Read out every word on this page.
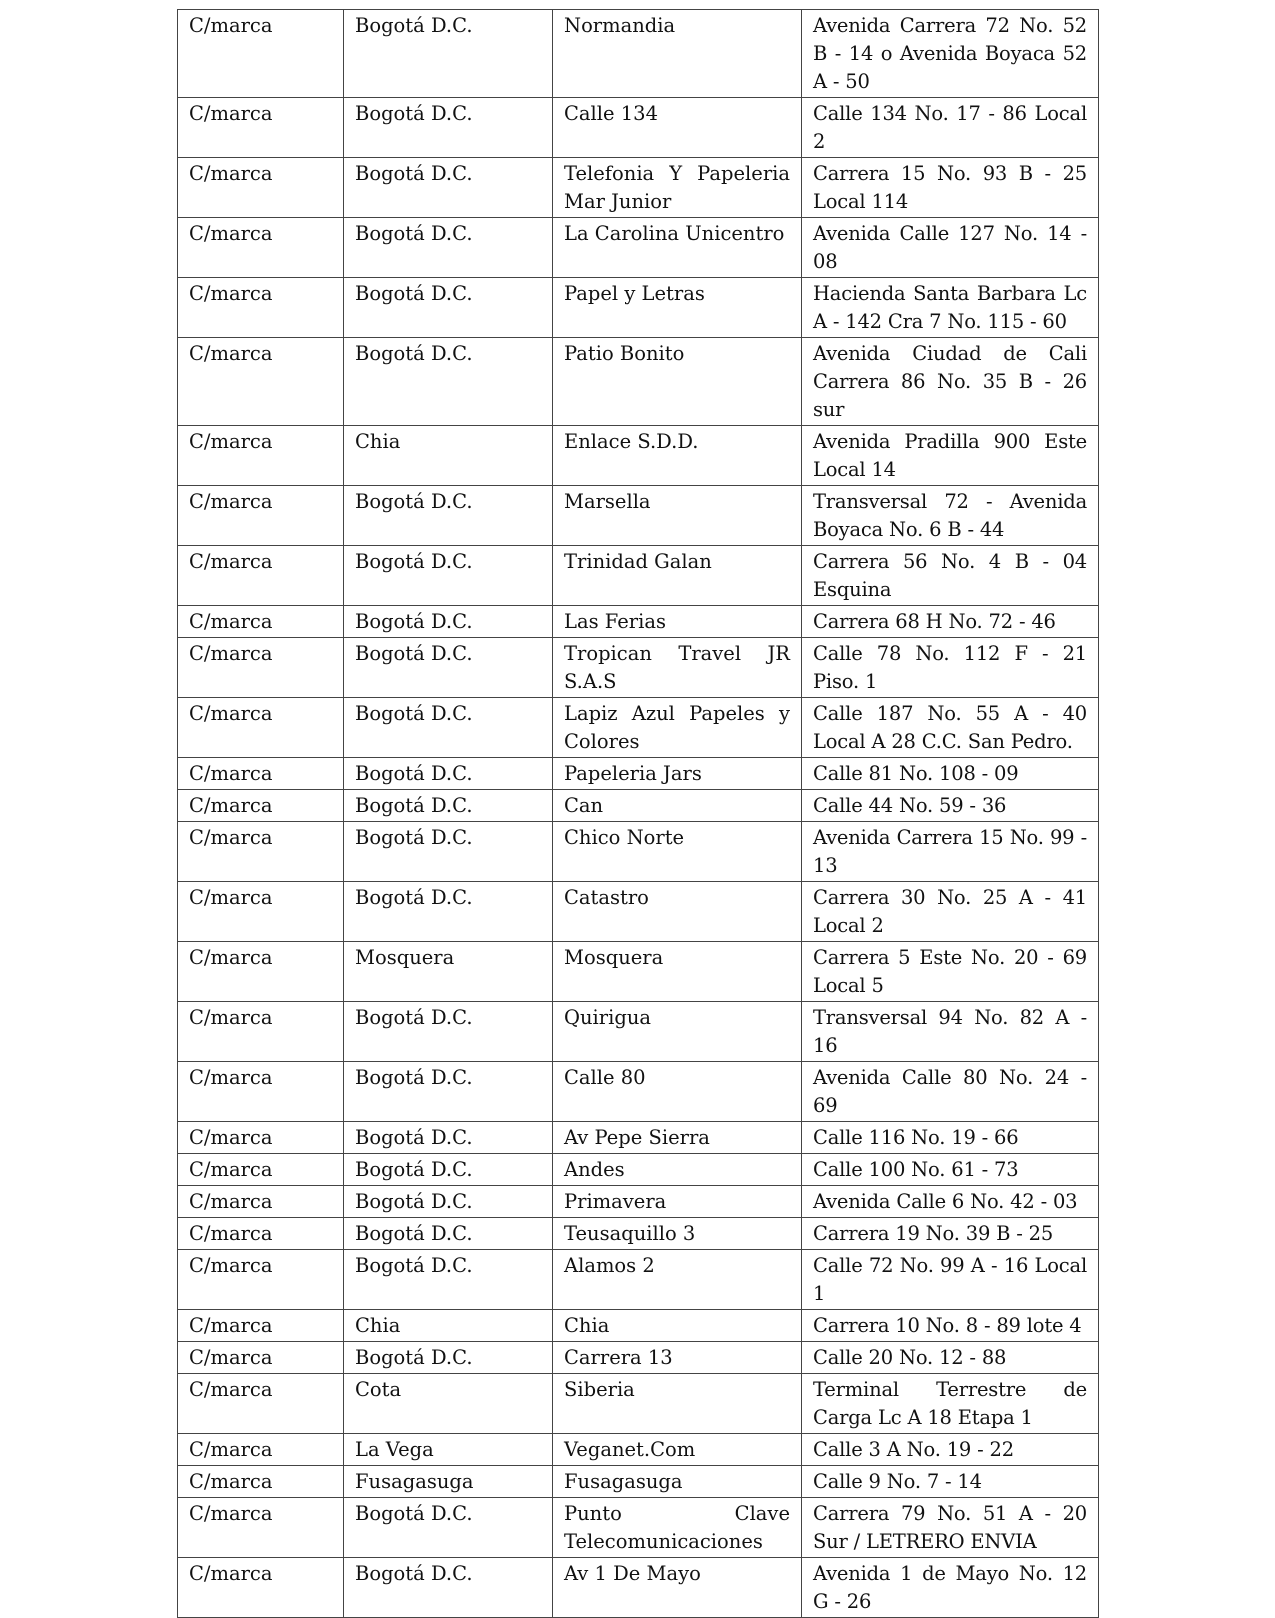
C/marca	Bogotá D.C.	Normandia	Avenida Carrera 72 No. 52 B - 14 o Avenida Boyaca 52 A - 50
C/marca	Bogotá D.C.	Calle 134	Calle 134 No. 17 - 86 Local 2
C/marca	Bogotá D.C.	Telefonia Y Papeleria Mar Junior	Carrera 15 No. 93 B - 25 Local 114
C/marca	Bogotá D.C.	La Carolina Unicentro	Avenida Calle 127 No. 14 - 08
C/marca	Bogotá D.C.	Papel y Letras	Hacienda Santa Barbara Lc A - 142 Cra 7 No. 115 - 60
C/marca	Bogotá D.C.	Patio Bonito	Avenida Ciudad de Cali Carrera 86 No. 35 B - 26 sur
C/marca	Chia	Enlace S.D.D.	Avenida Pradilla 900 Este Local 14
C/marca	Bogotá D.C.	Marsella	Transversal 72 - Avenida Boyaca No. 6 B - 44
C/marca	Bogotá D.C.	Trinidad Galan	Carrera 56 No. 4 B - 04 Esquina
C/marca	Bogotá D.C.	Las Ferias	Carrera 68 H No. 72 - 46
C/marca	Bogotá D.C.	Tropican Travel JR S.A.S	Calle 78 No. 112 F - 21 Piso. 1
C/marca	Bogotá D.C.	Lapiz Azul Papeles y Colores	Calle 187 No. 55 A - 40 Local A 28 C.C. San Pedro.
C/marca	Bogotá D.C.	Papeleria Jars	Calle 81 No. 108 - 09
C/marca	Bogotá D.C.	Can	Calle 44 No. 59 - 36
C/marca	Bogotá D.C.	Chico Norte	Avenida Carrera 15 No. 99 - 13
C/marca	Bogotá D.C.	Catastro	Carrera 30 No. 25 A - 41 Local 2
C/marca	Mosquera	Mosquera	Carrera 5 Este No. 20 - 69 Local 5
C/marca	Bogotá D.C.	Quirigua	Transversal 94 No. 82 A - 16
C/marca	Bogotá D.C.	Calle 80	Avenida Calle 80 No. 24 - 69
C/marca	Bogotá D.C.	Av Pepe Sierra	Calle 116 No. 19 - 66
C/marca	Bogotá D.C.	Andes	Calle 100 No. 61 - 73
C/marca	Bogotá D.C.	Primavera	Avenida Calle 6 No. 42 - 03
C/marca	Bogotá D.C.	Teusaquillo 3	Carrera 19 No. 39 B - 25
C/marca	Bogotá D.C.	Alamos 2	Calle 72 No. 99 A - 16 Local 1
C/marca	Chia	Chia	Carrera 10 No. 8 - 89 lote 4
C/marca	Bogotá D.C.	Carrera 13	Calle 20 No. 12 - 88
C/marca	Cota	Siberia	Terminal Terrestre de Carga Lc A 18 Etapa 1
C/marca	La Vega	Veganet.Com	Calle 3 A No. 19 - 22
C/marca	Fusagasuga	Fusagasuga	Calle 9 No. 7 - 14
C/marca	Bogotá D.C.	Punto Clave Telecomunicaciones	Carrera 79 No. 51 A - 20 Sur / LETRERO ENVIA
C/marca	Bogotá D.C.	Av 1 De Mayo	Avenida 1 de Mayo No. 12 G - 26
